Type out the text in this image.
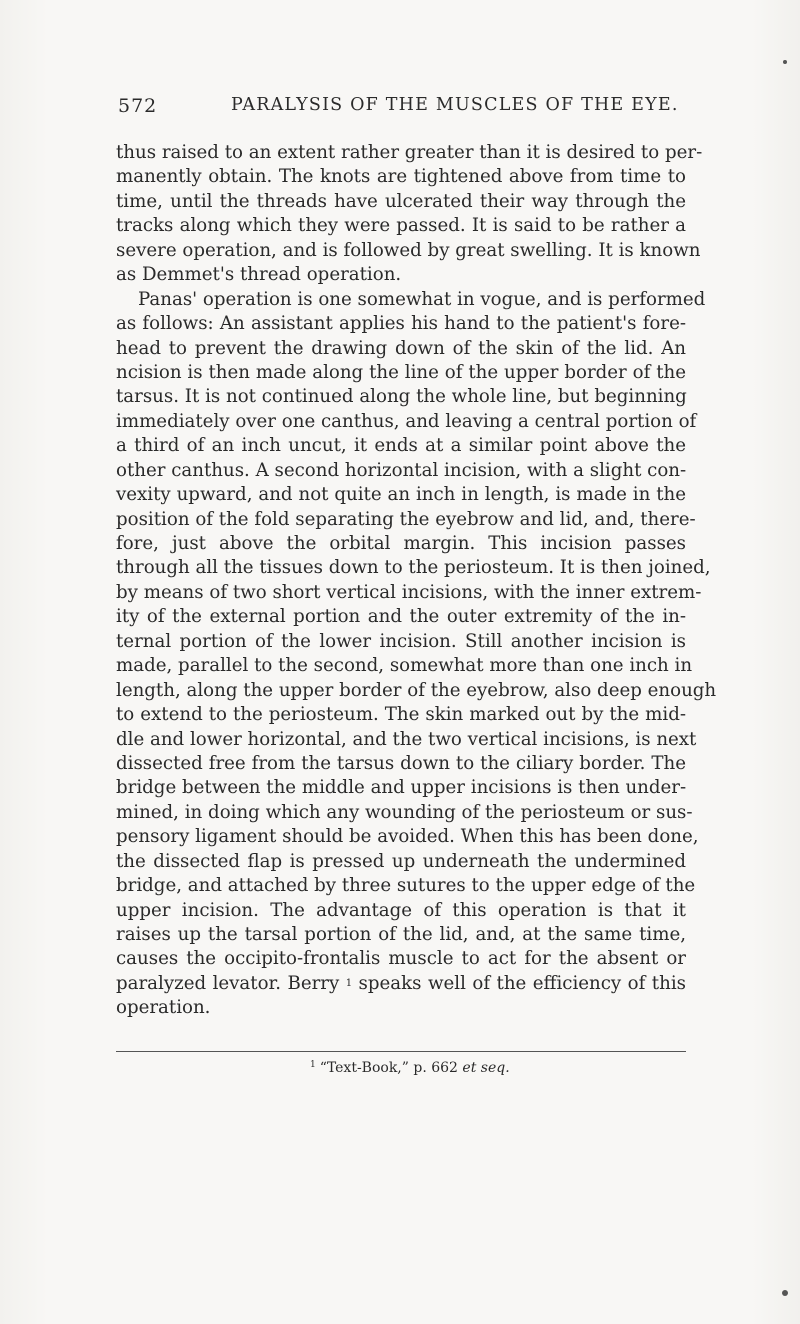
572	PARALYSIS OF THE MUSCLES OF THE EYE.
thus raised to an extent rather greater than it is desired to per-
manently obtain. The knots are tightened above from time to
time, until the threads have ulcerated their way through the
tracks along which they were passed. It is said to be rather a
severe operation, and is followed by great swelling. It is known
as Demmet's thread operation.
Panas' operation is one somewhat in vogue, and is performed
as follows: An assistant applies his hand to the patient's fore-
head to prevent the drawing down of the skin of the lid. An
ncision is then made along the line of the upper border of the
tarsus. It is not continued along the whole line, but beginning
immediately over one canthus, and leaving a central portion of
a third of an inch uncut, it ends at a similar point above the
other canthus. A second horizontal incision, with a slight con-
vexity upward, and not quite an inch in length, is made in the
position of the fold separating the eyebrow and lid, and, there-
fore, just above the orbital margin. This incision passes
through all the tissues down to the periosteum. It is then joined,
by means of two short vertical incisions, with the inner extrem-
ity of the external portion and the outer extremity of the in-
ternal portion of the lower incision. Still another incision is
made, parallel to the second, somewhat more than one inch in
length, along the upper border of the eyebrow, also deep enough
to extend to the periosteum. The skin marked out by the mid-
dle and lower horizontal, and the two vertical incisions, is next
dissected free from the tarsus down to the ciliary border. The
bridge between the middle and upper incisions is then under-
mined, in doing which any wounding of the periosteum or sus-
pensory ligament should be avoided. When this has been done,
the dissected flap is pressed up underneath the undermined
bridge, and attached by three sutures to the upper edge of the
upper incision. The advantage of this operation is that it
raises up the tarsal portion of the lid, and, at the same time,
causes the occipito-frontalis muscle to act for the absent or
paralyzed levator. Berry $^1$ speaks well of the efficiency of this
operation.
$^1$ “Text-Book,” p. 662 et seq.
